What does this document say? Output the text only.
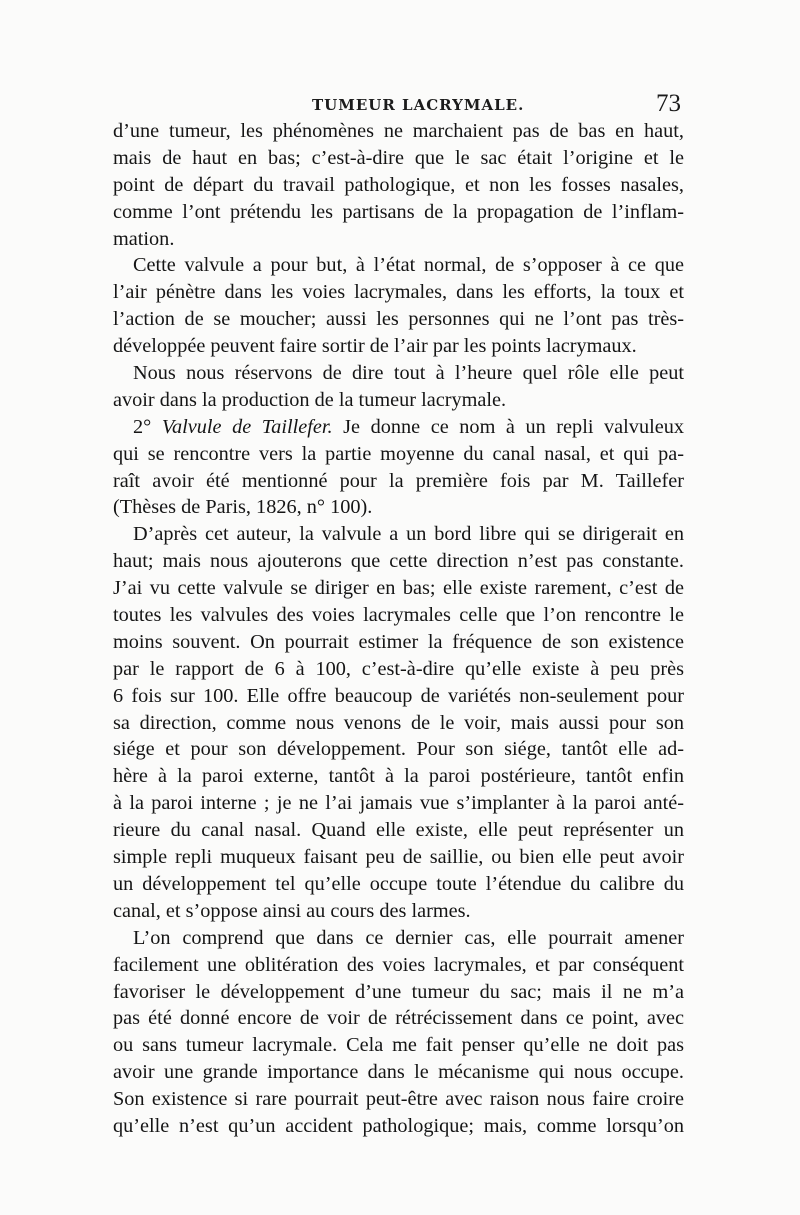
TUMEUR LACRYMALE.	73
d’une tumeur, les phénomènes ne marchaient pas de bas en haut,
mais de haut en bas; c’est-à-dire que le sac était l’origine et le
point de départ du travail pathologique, et non les fosses nasales,
comme l’ont prétendu les partisans de la propagation de l’inflam-
mation.
Cette valvule a pour but, à l’état normal, de s’opposer à ce que
l’air pénètre dans les voies lacrymales, dans les efforts, la toux et
l’action de se moucher; aussi les personnes qui ne l’ont pas très-
développée peuvent faire sortir de l’air par les points lacrymaux.
Nous nous réservons de dire tout à l’heure quel rôle elle peut
avoir dans la production de la tumeur lacrymale.
2° Valvule de Taillefer. Je donne ce nom à un repli valvuleux
qui se rencontre vers la partie moyenne du canal nasal, et qui pa-
raît avoir été mentionné pour la première fois par M. Taillefer
(Thèses de Paris, 1826, n° 100).
D’après cet auteur, la valvule a un bord libre qui se dirigerait en
haut; mais nous ajouterons que cette direction n’est pas constante.
J’ai vu cette valvule se diriger en bas; elle existe rarement, c’est de
toutes les valvules des voies lacrymales celle que l’on rencontre le
moins souvent. On pourrait estimer la fréquence de son existence
par le rapport de 6 à 100, c’est-à-dire qu’elle existe à peu près
6 fois sur 100. Elle offre beaucoup de variétés non-seulement pour
sa direction, comme nous venons de le voir, mais aussi pour son
siége et pour son développement. Pour son siége, tantôt elle ad-
hère à la paroi externe, tantôt à la paroi postérieure, tantôt enfin
à la paroi interne ; je ne l’ai jamais vue s’implanter à la paroi anté-
rieure du canal nasal. Quand elle existe, elle peut représenter un
simple repli muqueux faisant peu de saillie, ou bien elle peut avoir
un développement tel qu’elle occupe toute l’étendue du calibre du
canal, et s’oppose ainsi au cours des larmes.
L’on comprend que dans ce dernier cas, elle pourrait amener
facilement une oblitération des voies lacrymales, et par conséquent
favoriser le développement d’une tumeur du sac; mais il ne m’a
pas été donné encore de voir de rétrécissement dans ce point, avec
ou sans tumeur lacrymale. Cela me fait penser qu’elle ne doit pas
avoir une grande importance dans le mécanisme qui nous occupe.
Son existence si rare pourrait peut-être avec raison nous faire croire
qu’elle n’est qu’un accident pathologique; mais, comme lorsqu’on
